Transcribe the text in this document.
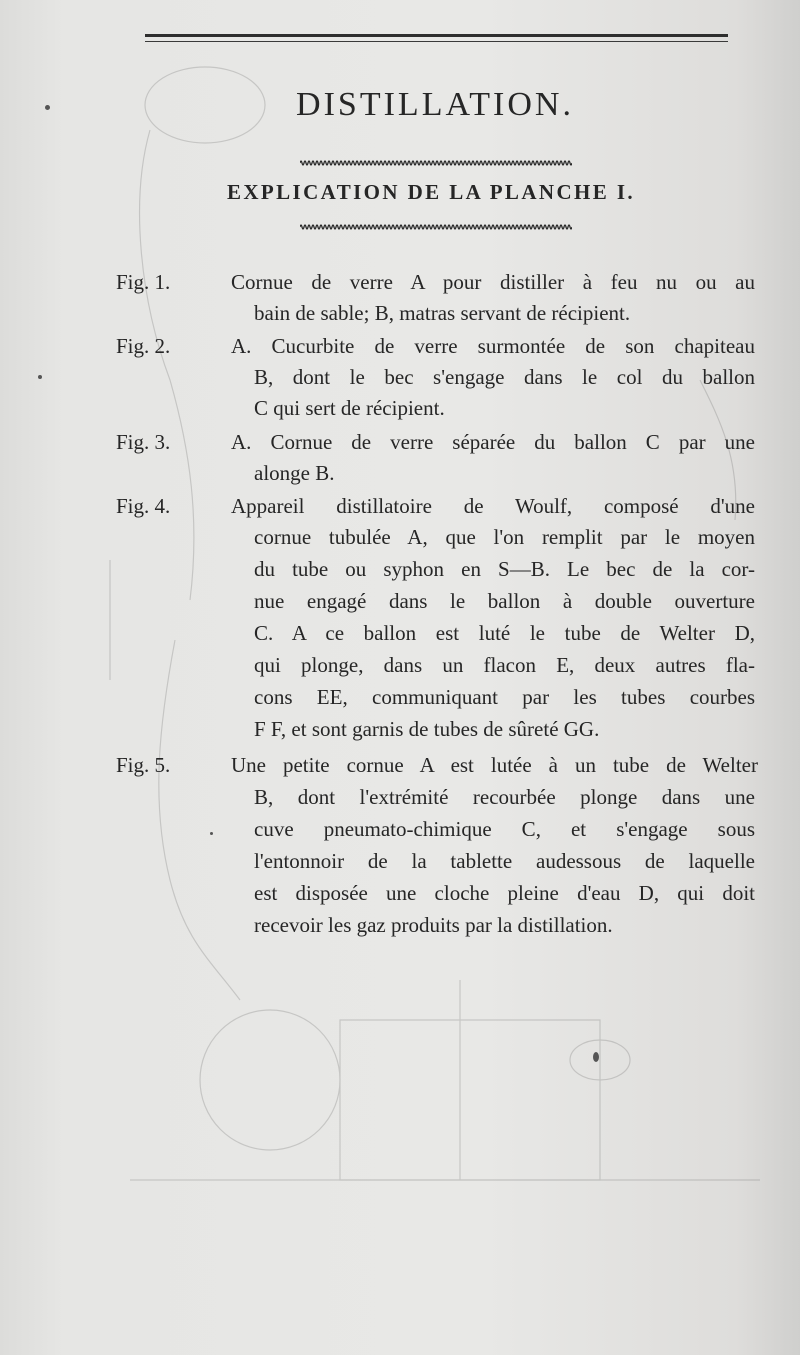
DISTILLATION.
EXPLICATION DE LA PLANCHE I.
Fig. 1.	Cornue de verre A pour distiller à feu nu ou au
bain de sable; B, matras servant de récipient.
Fig. 2.	A. Cucurbite de verre surmontée de son chapiteau
B, dont le bec s'engage dans le col du ballon
C qui sert de récipient.
Fig. 3.	A. Cornue de verre séparée du ballon C par une
alonge B.
Fig. 4.	Appareil distillatoire de Woulf, composé d'une
cornue tubulée A, que l'on remplit par le moyen
du tube ou syphon en S—B. Le bec de la cor-
nue engagé dans le ballon à double ouverture
C. A ce ballon est luté le tube de Welter D,
qui plonge, dans un flacon E, deux autres fla-
cons EE, communiquant par les tubes courbes
F F, et sont garnis de tubes de sûreté GG.
Fig. 5.	Une petite cornue A est lutée à un tube de Welter
B, dont l'extrémité recourbée plonge dans une
cuve pneumato-chimique C, et s'engage sous
l'entonnoir de la tablette audessous de laquelle
est disposée une cloche pleine d'eau D, qui doit
recevoir les gaz produits par la distillation.
